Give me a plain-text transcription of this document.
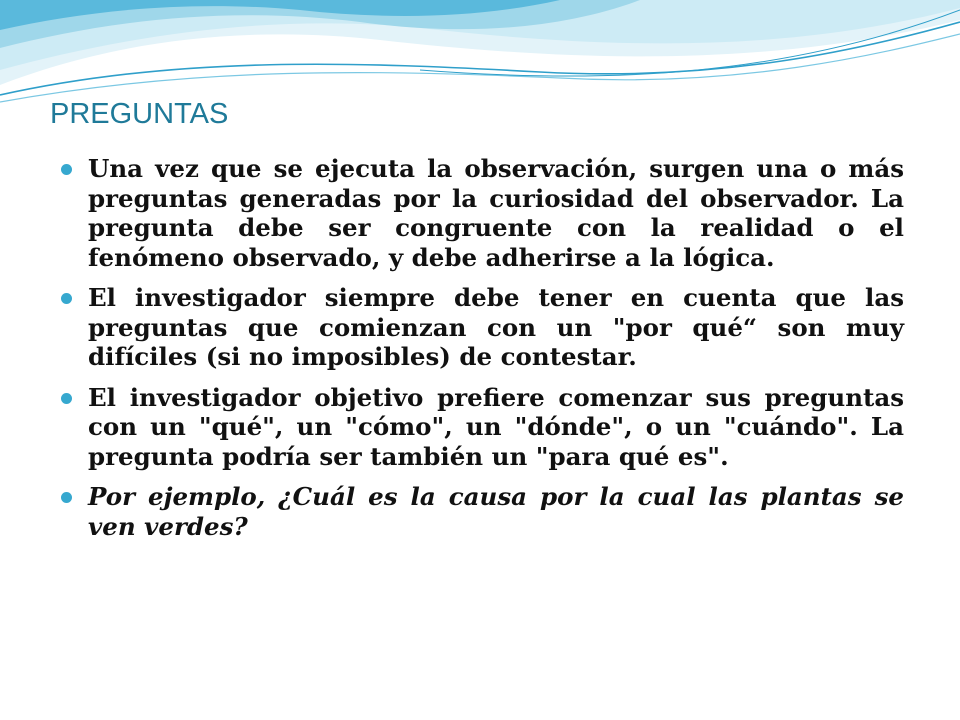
PREGUNTAS
Una vez que se ejecuta la observación, surgen una o más preguntas generadas por la curiosidad del observador. La pregunta debe ser congruente con la realidad o el fenómeno observado, y debe adherirse a la lógica.
El investigador siempre debe tener en cuenta que las preguntas que comienzan con un "por qué“ son muy difíciles (si no imposibles) de contestar.
El investigador objetivo prefiere comenzar sus preguntas con un "qué", un "cómo", un "dónde", o un "cuándo". La pregunta podría ser también un "para qué es".
Por ejemplo, ¿Cuál es la causa por la cual las plantas se ven verdes?
